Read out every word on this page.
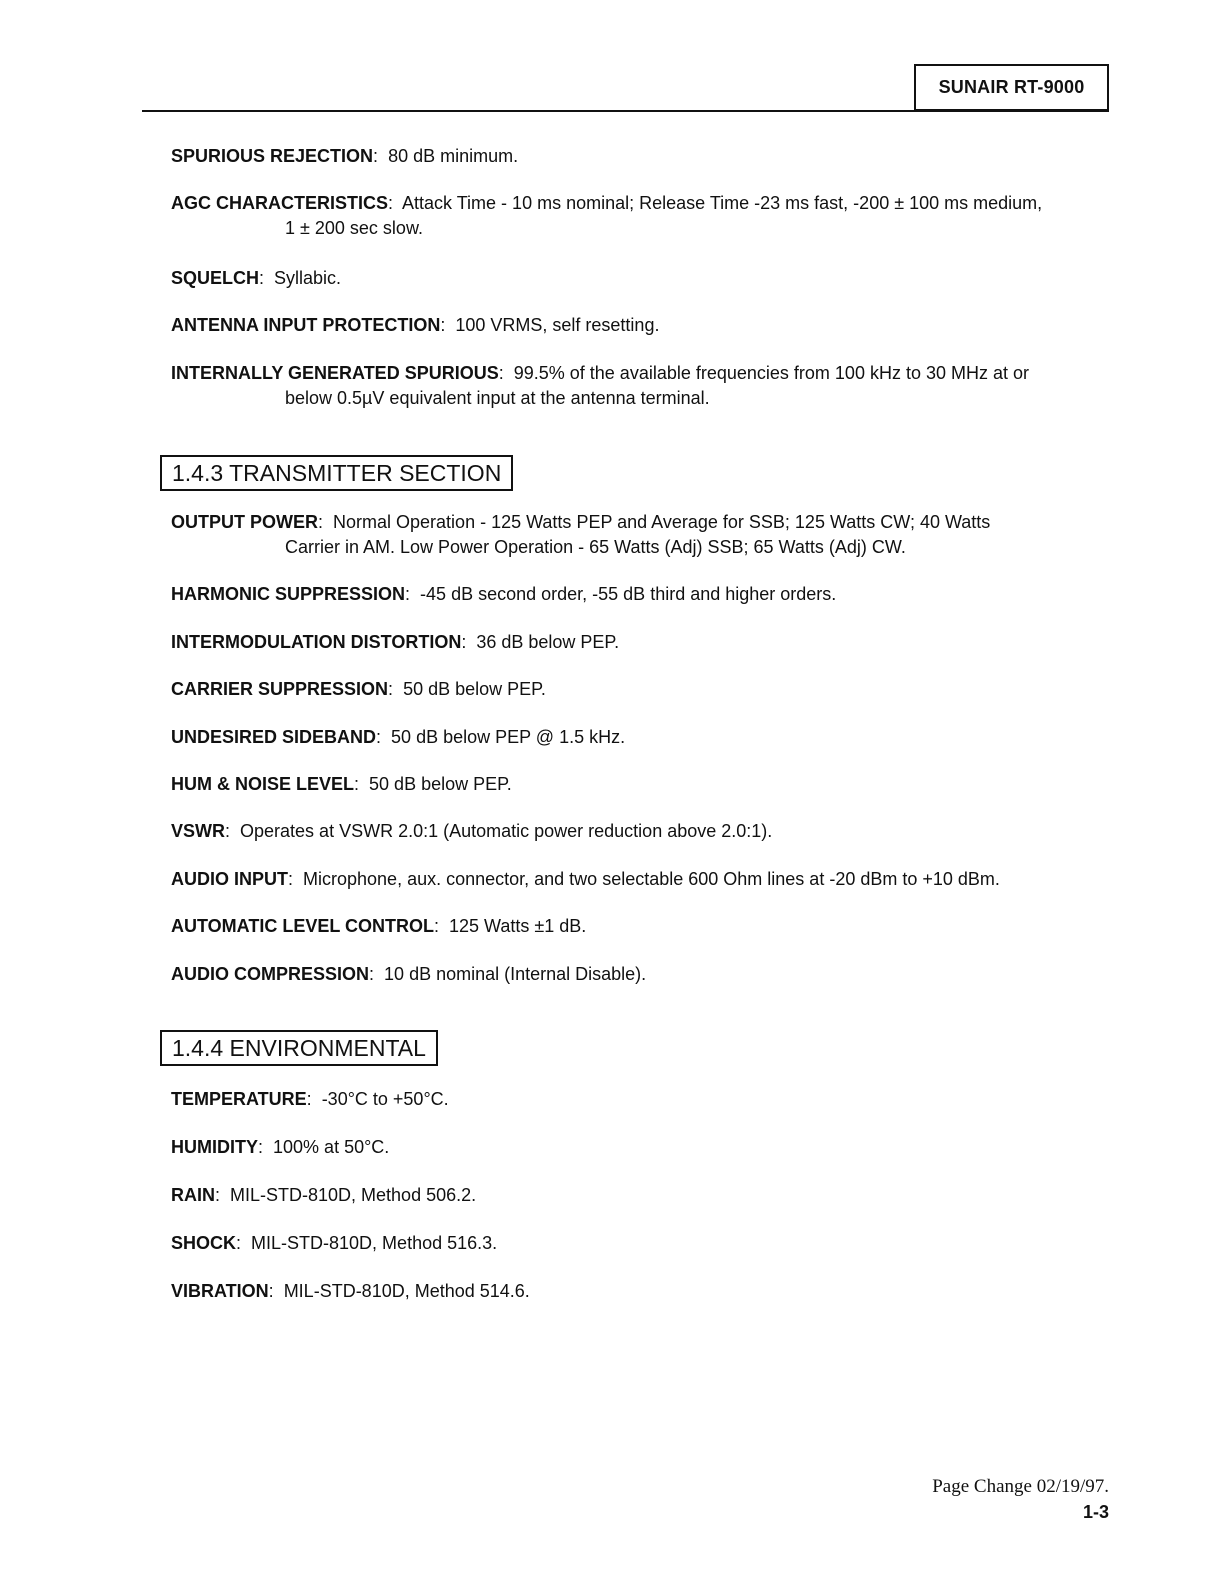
SUNAIR RT-9000
SPURIOUS REJECTION:  80 dB minimum.
AGC CHARACTERISTICS:  Attack Time - 10 ms nominal; Release Time -23 ms fast, -200 ± 100 ms medium,
1 ± 200 sec slow.
SQUELCH:  Syllabic.
ANTENNA INPUT PROTECTION:  100 VRMS, self resetting.
INTERNALLY GENERATED SPURIOUS:  99.5% of the available frequencies from 100 kHz to 30 MHz at or
below 0.5µV equivalent input at the antenna terminal.
1.4.3 TRANSMITTER SECTION
OUTPUT POWER:  Normal Operation - 125 Watts PEP and Average for SSB; 125 Watts CW; 40 Watts
Carrier in AM. Low Power Operation - 65 Watts (Adj) SSB; 65 Watts (Adj) CW.
HARMONIC SUPPRESSION:  -45 dB second order, -55 dB third and higher orders.
INTERMODULATION DISTORTION:  36 dB below PEP.
CARRIER SUPPRESSION:  50 dB below PEP.
UNDESIRED SIDEBAND:  50 dB below PEP @ 1.5 kHz.
HUM & NOISE LEVEL:  50 dB below PEP.
VSWR:  Operates at VSWR 2.0:1 (Automatic power reduction above 2.0:1).
AUDIO INPUT:  Microphone, aux. connector, and two selectable 600 Ohm lines at -20 dBm to +10 dBm.
AUTOMATIC LEVEL CONTROL:  125 Watts ±1 dB.
AUDIO COMPRESSION:  10 dB nominal (Internal Disable).
1.4.4 ENVIRONMENTAL
TEMPERATURE:  -30°C to +50°C.
HUMIDITY:  100% at 50°C.
RAIN:  MIL-STD-810D, Method 506.2.
SHOCK:  MIL-STD-810D, Method 516.3.
VIBRATION:  MIL-STD-810D, Method 514.6.
Page Change 02/19/97.
1-3
